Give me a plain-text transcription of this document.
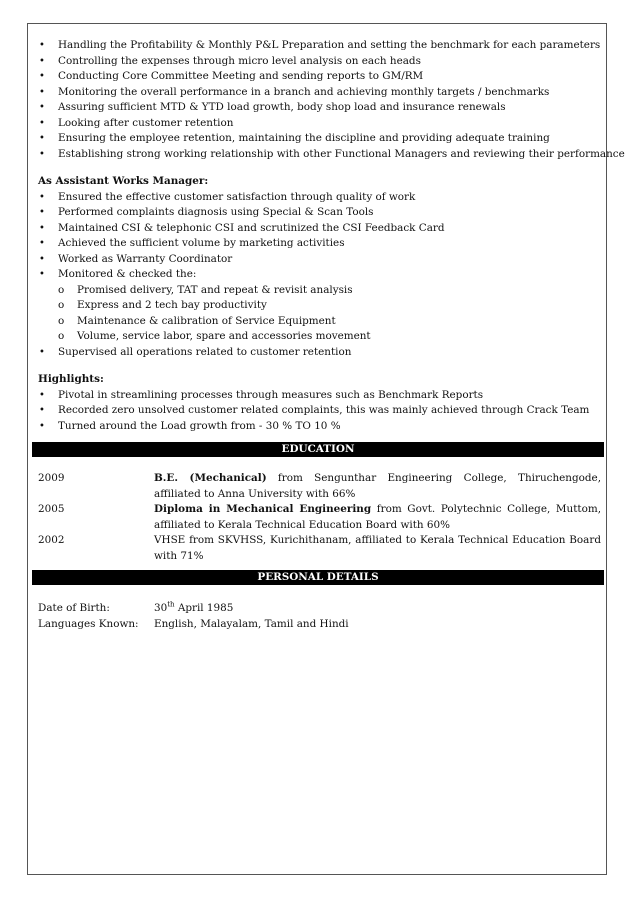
• Handling the Profitability & Monthly P&L Preparation and setting the benchmark for each parameters
• Controlling the expenses through micro level analysis on each heads
• Conducting Core Committee Meeting and sending reports to GM/RM
• Monitoring the overall performance in a branch and achieving monthly targets / benchmarks
• Assuring sufficient MTD & YTD load growth, body shop load and insurance renewals
• Looking after customer retention
• Ensuring the employee retention, maintaining the discipline and providing adequate training
• Establishing strong working relationship with other Functional Managers and reviewing their performance
As Assistant Works Manager:
• Ensured the effective customer satisfaction through quality of work
• Performed complaints diagnosis using Special & Scan Tools
• Maintained CSI & telephonic CSI and scrutinized the CSI Feedback Card
• Achieved the sufficient volume by marketing activities
• Worked as Warranty Coordinator
• Monitored & checked the:
o Promised delivery, TAT and repeat & revisit analysis
o Express and 2 tech bay productivity
o Maintenance & calibration of Service Equipment
o Volume, service labor, spare and accessories movement
• Supervised all operations related to customer retention
Highlights:
• Pivotal in streamlining processes through measures such as Benchmark Reports
• Recorded zero unsolved customer related complaints, this was mainly achieved through Crack Team
• Turned around the Load growth from - 30 % TO 10 %
EDUCATION
2009	B.E. (Mechanical) from Sengunthar Engineering College, Thiruchengode, affiliated to Anna University with 66%
2005	Diploma in Mechanical Engineering from Govt. Polytechnic College, Muttom, affiliated to Kerala Technical Education Board with 60%
2002	VHSE from SKVHSS, Kurichithanam, affiliated to Kerala Technical Education Board with 71%
PERSONAL DETAILS
Date of Birth:	30th April 1985
Languages Known:	English, Malayalam, Tamil and Hindi
